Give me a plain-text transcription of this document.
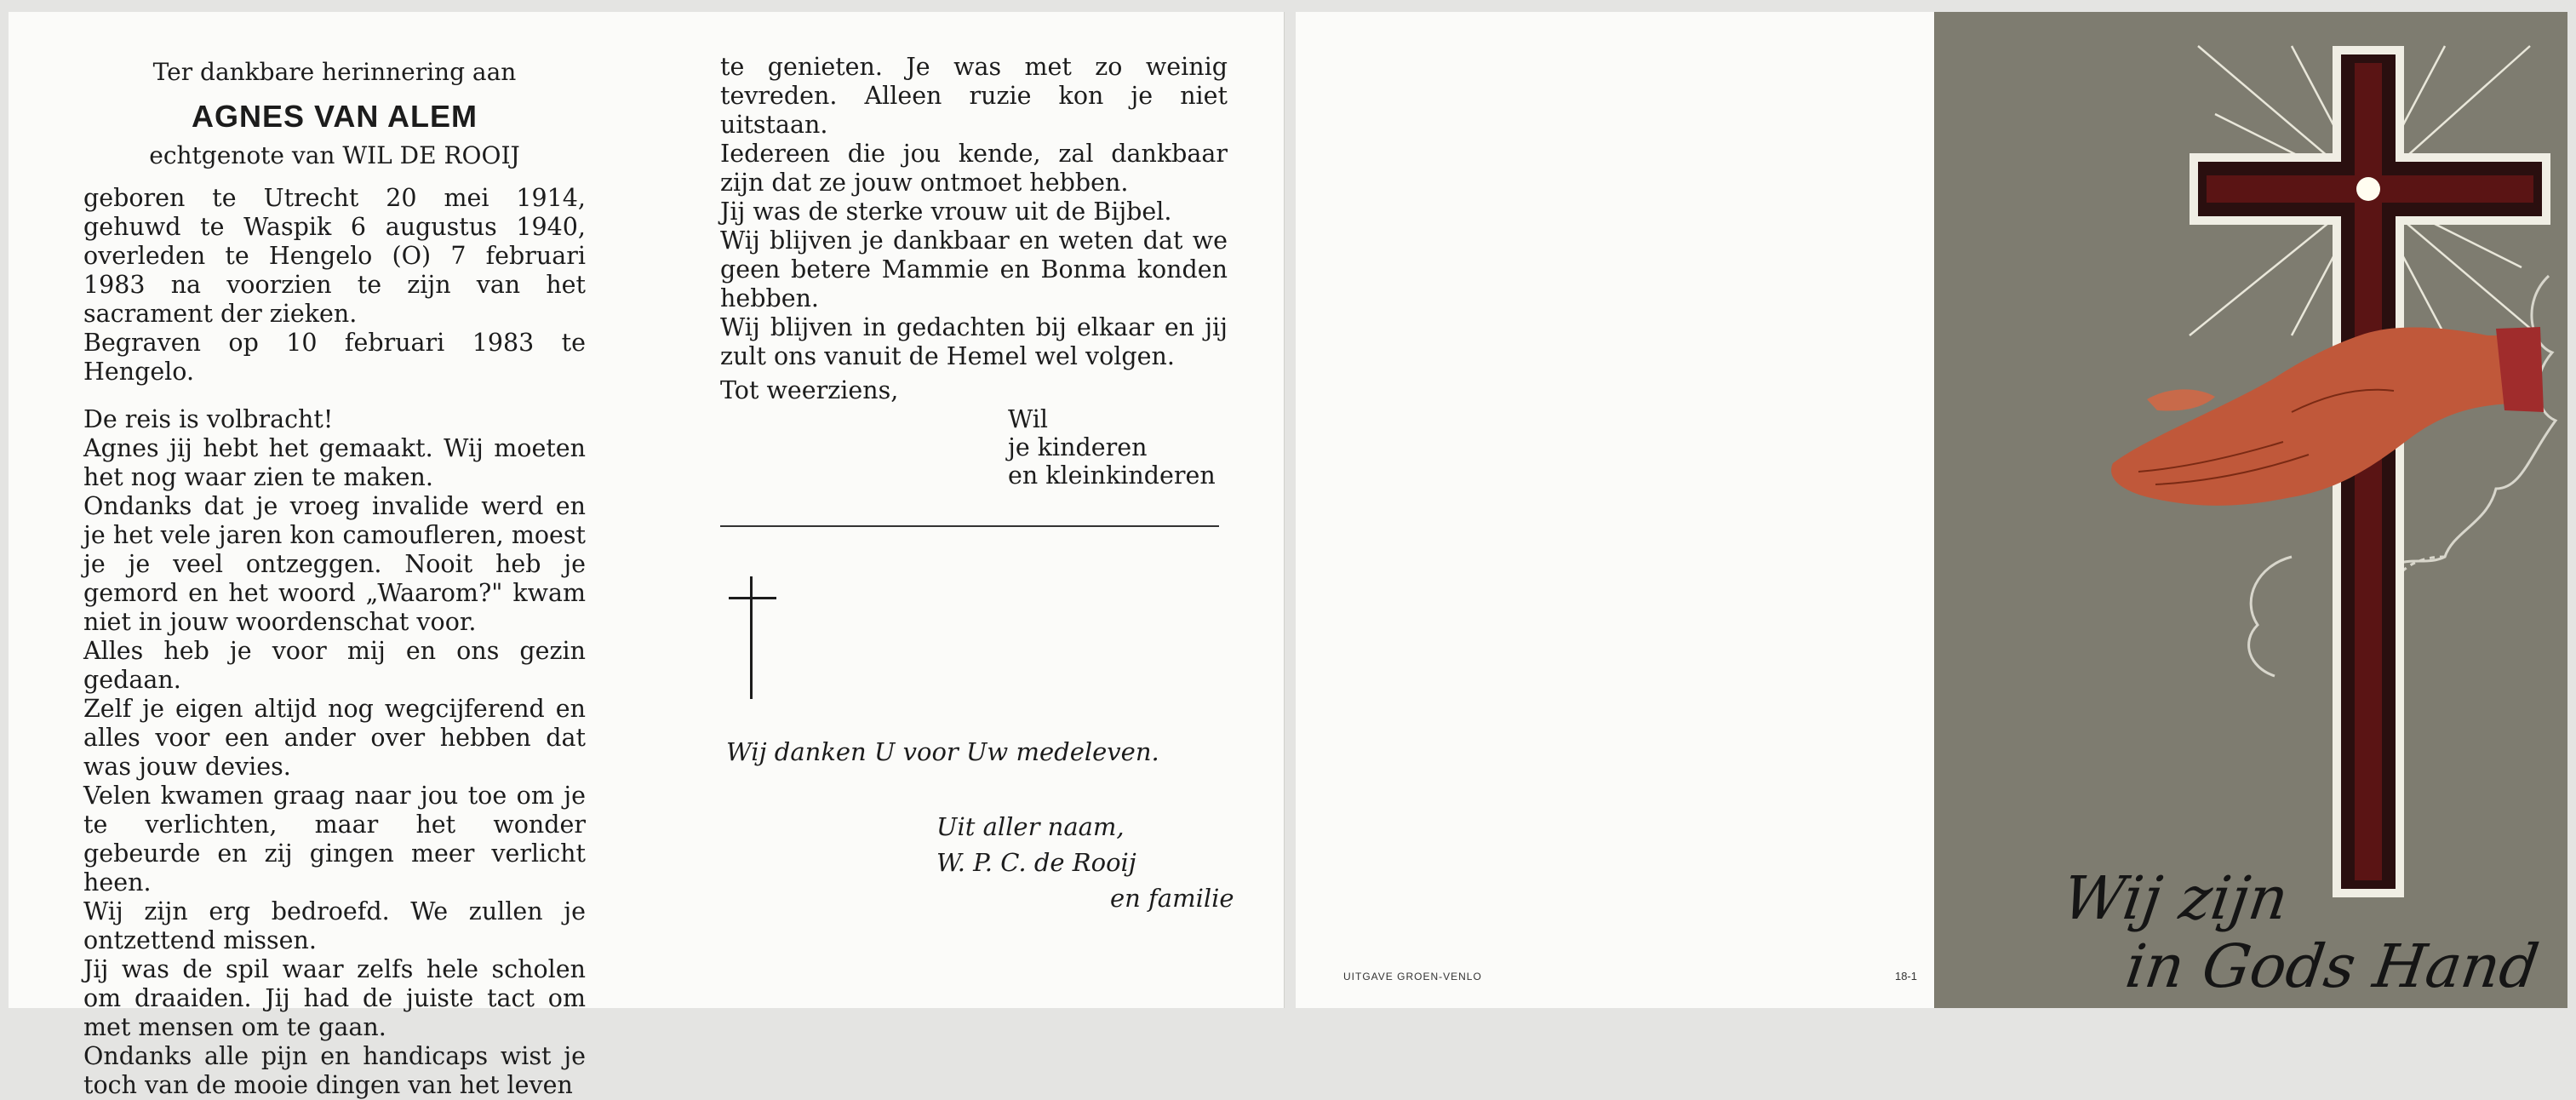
Ter dankbare herinnering aan
AGNES VAN ALEM
echtgenote van WIL DE ROOIJ

geboren te Utrecht 20 mei 1914, gehuwd te Waspik 6 augustus 1940, overleden te Hengelo (O) 7 februari 1983 na voorzien te zijn van het sacrament der zieken.

Begraven op 10 februari 1983 te Hengelo.

De reis is volbracht!

Agnes jij hebt het gemaakt. Wij moeten het nog waar zien te maken.

Ondanks dat je vroeg invalide werd en je het vele jaren kon camoufleren, moest je je veel ontzeggen. Nooit heb je gemord en het woord „Waarom?" kwam niet in jouw woordenschat voor.

Alles heb je voor mij en ons gezin gedaan.

Zelf je eigen altijd nog wegcijferend en alles voor een ander over hebben dat was jouw devies.

Velen kwamen graag naar jou toe om je te verlichten, maar het wonder gebeurde en zij gingen meer verlicht heen.

Wij zijn erg bedroefd. We zullen je ontzettend missen.

Jij was de spil waar zelfs hele scholen om draaiden. Jij had de juiste tact om met mensen om te gaan.

Ondanks alle pijn en handicaps wist je toch van de mooie dingen van het leven

te genieten. Je was met zo weinig tevreden. Alleen ruzie kon je niet uitstaan.

Iedereen die jou kende, zal dankbaar zijn dat ze jouw ontmoet hebben.

Jij was de sterke vrouw uit de Bijbel.

Wij blijven je dankbaar en weten dat we geen betere Mammie en Bonma konden hebben.

Wij blijven in gedachten bij elkaar en jij zult ons vanuit de Hemel wel volgen.

Tot weerziens,

Wil
je kinderen
en kleinkinderen
Wij danken U voor Uw medeleven.
Uit aller naam,
W. P. C. de Rooij
en familie
UITGAVE GROEN-VENLO	18-1
Wij zijn
in Gods Hand
